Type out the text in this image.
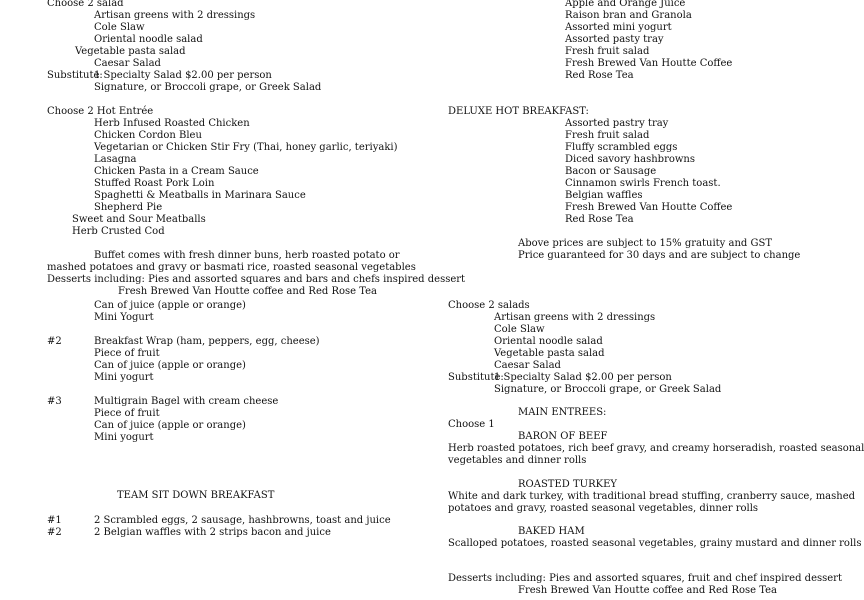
Choose 2 salad
Artisan greens with 2 dressings
Cole Slaw
Oriental noodle salad
Vegetable pasta salad
Caesar Salad
Substitute:
1 Specialty Salad $2.00 per person
Signature, or Broccoli grape, or Greek Salad
Choose 2 Hot Entrée
Herb Infused Roasted Chicken
Chicken Cordon Bleu
Vegetarian or Chicken Stir Fry (Thai, honey garlic, teriyaki)
Lasagna
Chicken Pasta in a Cream Sauce
Stuffed Roast Pork Loin
Spaghetti & Meatballs in Marinara Sauce
Shepherd Pie
Sweet and Sour Meatballs
Herb Crusted Cod
Buffet comes with fresh dinner buns, herb roasted potato or
mashed potatoes and gravy or basmati rice, roasted seasonal vegetables
Desserts including: Pies and assorted squares and bars and chefs inspired dessert
Fresh Brewed Van Houtte coffee and Red Rose Tea
Can of juice (apple or orange)
Mini Yogurt
#2	Breakfast Wrap (ham, peppers, egg, cheese)
Piece of fruit
Can of juice (apple or orange)
Mini yogurt
#3	Multigrain Bagel with cream cheese
Piece of fruit
Can of juice (apple or orange)
Mini yogurt
TEAM SIT DOWN BREAKFAST
#1	2 Scrambled eggs, 2 sausage, hashbrowns, toast and juice
#2	2 Belgian waffles with 2 strips bacon and juice
Apple and Orange Juice
Raison bran and Granola
Assorted mini yogurt
Assorted pasty tray
Fresh fruit salad
Fresh Brewed Van Houtte Coffee
Red Rose Tea
DELUXE HOT BREAKFAST:
Assorted pastry tray
Fresh fruit salad
Fluffy scrambled eggs
Diced savory hashbrowns
Bacon or Sausage
Cinnamon swirls French toast.
Belgian waffles
Fresh Brewed Van Houtte Coffee
Red Rose Tea
Above prices are subject to 15% gratuity and GST
Price guaranteed for 30 days and are subject to change
Choose 2 salads
Artisan greens with 2 dressings
Cole Slaw
Oriental noodle salad
Vegetable pasta salad
Caesar Salad
Substitute:
1 Specialty Salad $2.00 per person
Signature, or Broccoli grape, or Greek Salad
MAIN ENTREES:
Choose 1
BARON OF BEEF
Herb roasted potatoes, rich beef gravy, and creamy horseradish, roasted seasonal
vegetables and dinner rolls
ROASTED TURKEY
White and dark turkey, with traditional bread stuffing, cranberry sauce, mashed
potatoes and gravy, roasted seasonal vegetables, dinner rolls
BAKED HAM
Scalloped potatoes, roasted seasonal vegetables, grainy mustard and dinner rolls
Desserts including: Pies and assorted squares, fruit and chef inspired dessert
Fresh Brewed Van Houtte coffee and Red Rose Tea
